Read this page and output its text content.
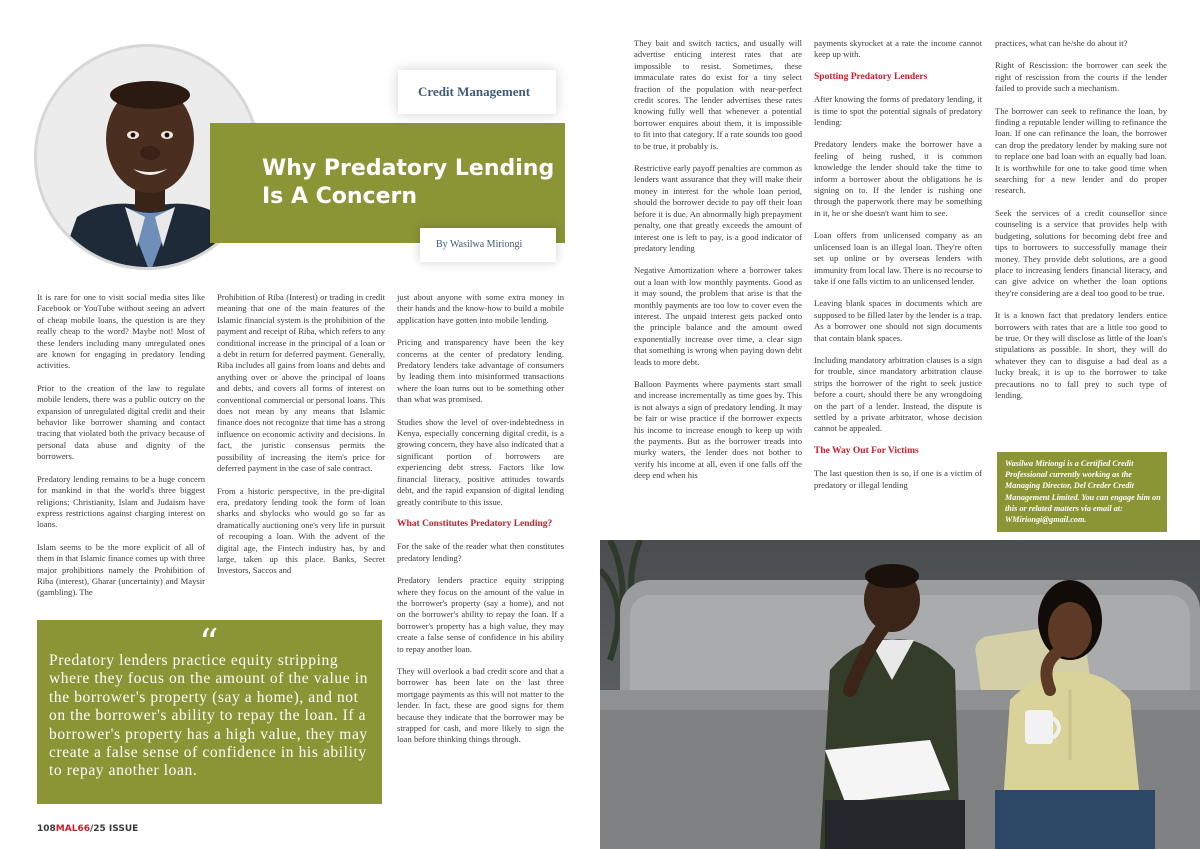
Why Predatory Lending
Is A Concern
Credit Management
By Wasilwa Miriongi

It is rare for one to visit social media sites like Facebook or YouTube without seeing an advert of cheap mobile loans, the question is are they really cheap to the word? Maybe not! Most of these lenders including many unregulated ones are known for engaging in predatory lending activities.

Prior to the creation of the law to regulate mobile lenders, there was a public outcry on the expansion of unregulated digital credit and their behavior like borrower shaming and contact tracing that violated both the privacy because of personal data abuse and dignity of the borrowers.

Predatory lending remains to be a huge concern for mankind in that the world's three biggest religions; Christianity, Islam and Judaism have express restrictions against charging interest on loans.

Islam seems to be the more explicit of all of them in that Islamic finance comes up with three major prohibitions namely the Prohibition of Riba (interest), Gharar (uncertainty) and Maysir (gambling). The

Prohibition of Riba (Interest) or trading in credit meaning that one of the main features of the Islamic financial system is the prohibition of the payment and receipt of Riba, which refers to any conditional increase in the principal of a loan or a debt in return for deferred payment. Generally, Riba includes all gains from loans and debts and anything over or above the principal of loans and debts, and covers all forms of interest on conventional commercial or personal loans. This does not mean by any means that Islamic finance does not recognize that time has a strong influence on economic activity and decisions. In fact, the juristic consensus permits the possibility of increasing the item's price for deferred payment in the case of sale contract.

From a historic perspective, in the pre-digital era, predatory lending took the form of loan sharks and shylocks who would go so far as dramatically auctioning one's very life in pursuit of recouping a loan. With the advent of the digital age, the Fintech industry has, by and large, taken up this place. Banks, Secret Investors, Saccos and

“
Predatory lenders practice equity stripping where they focus on the amount of the value in the borrower's property (say a home), and not on the borrower's ability to repay the loan. If a borrower's property has a high value, they may create a false sense of confidence in his ability to repay another loan.

just about anyone with some extra money in their hands and the know-how to build a mobile application have gotten into mobile lending.

Pricing and transparency have been the key concerns at the center of predatory lending. Predatory lenders take advantage of consumers by leading them into misinformed transactions where the loan turns out to be something other than what was promised.

Studies show the level of over-indebtedness in Kenya, especially concerning digital credit, is a growing concern, they have also indicated that a significant portion of borrowers are experiencing debt stress. Factors like low financial literacy, positive attitudes towards debt, and the rapid expansion of digital lending greatly contribute to this issue.

What Constitutes Predatory Lending?

For the sake of the reader what then constitutes predatory lending?

Predatory lenders practice equity stripping where they focus on the amount of the value in the borrower's property (say a home), and not on the borrower's ability to repay the loan. If a borrower's property has a high value, they may create a false sense of confidence in his ability to repay another loan.

They will overlook a bad credit score and that a borrower has been late on the last three mortgage payments as this will not matter to the lender. In fact, these are good signs for them because they indicate that the borrower may be strapped for cash, and more likely to sign the loan before thinking things through.

They bait and switch tactics, and usually will advertise enticing interest rates that are impossible to resist. Sometimes, these immaculate rates do exist for a tiny select fraction of the population with near-perfect credit scores. The lender advertises these rates knowing fully well that whenever a potential borrower enquires about them, it is impossible to fit into that category. If a rate sounds too good to be true, it probably is.

Restrictive early payoff penalties are common as lenders want assurance that they will make their money in interest for the whole loan period, should the borrower decide to pay off their loan before it is due. An abnormally high prepayment penalty, one that greatly exceeds the amount of interest one is left to pay, is a good indicator of predatory lending

Negative Amortization where a borrower takes out a loan with low monthly payments. Good as it may sound, the problem that arise is that the monthly payments are too low to cover even the interest. The unpaid interest gets packed onto the principle balance and the amount owed exponentially increase over time, a clear sign that something is wrong when paying down debt leads to more debt.

Balloon Payments where payments start small and increase incrementally as time goes by. This is not always a sign of predatory lending. It may be fair or wise practice if the borrower expects his income to increase enough to keep up with the payments. But as the borrower treads into murky waters, the lender does not bother to verify his income at all, even if one falls off the deep end when his

payments skyrocket at a rate the income cannot keep up with.

Spotting Predatory Lenders

After knowing the forms of predatory lending, it is time to spot the potential signals of predatory lending:

Predatory lenders make the borrower have a feeling of being rushed, it is common knowledge the lender should take the time to inform a borrower about the obligations he is signing on to. If the lender is rushing one through the paperwork there may be something in it, he or she doesn't want him to see.

Loan offers from unlicensed company as an unlicensed loan is an illegal loan. They're often set up online or by overseas lenders with immunity from local law. There is no recourse to take if one falls victim to an unlicensed lender.

Leaving blank spaces in documents which are supposed to be filled later by the lender is a trap. As a borrower one should not sign documents that contain blank spaces.

Including mandatory arbitration clauses is a sign for trouble, since mandatory arbitration clause strips the borrower of the right to seek justice before a court, should there be any wrongdoing on the part of a lender. Instead, the dispute is settled by a private arbitrator, whose decision cannot be appealed.

The Way Out For Victims

The last question then is so, if one is a victim of predatory or illegal lending

practices, what can he/she do about it?

Right of Rescission: the borrower can seek the right of rescission from the courts if the lender failed to provide such a mechanism.

The borrower can seek to refinance the loan, by finding a reputable lender willing to refinance the loan. If one can refinance the loan, the borrower can drop the predatory lender by making sure not to replace one bad loan with an equally bad loan. It is worthwhile for one to take good time when searching for a new lender and do proper research.

Seek the services of a credit counsellor since counseling is a service that provides help with budgeting, solutions for becoming debt free and tips to borrowers to successfully manage their money. They provide debt solutions, are a good place to increasing lenders financial literacy, and can give advice on whether the loan options they're considering are a deal too good to be true.

It is a known fact that predatory lenders entice borrowers with rates that are a little too good to be true. Or they will disclose as little of the loan's stipulations as possible. In short, they will do whatever they can to disguise a bad deal as a lucky break, it is up to the borrower to take precautions no to fall prey to such type of lending.

Wasilwa Miriongi is a Certified Credit Professional currently working as the Managing Director, Del Creder Credit Management Limited. You can engage him on this or related matters via email at: WMiriongi@gmail.com.

108MAL66/25 ISSUE
